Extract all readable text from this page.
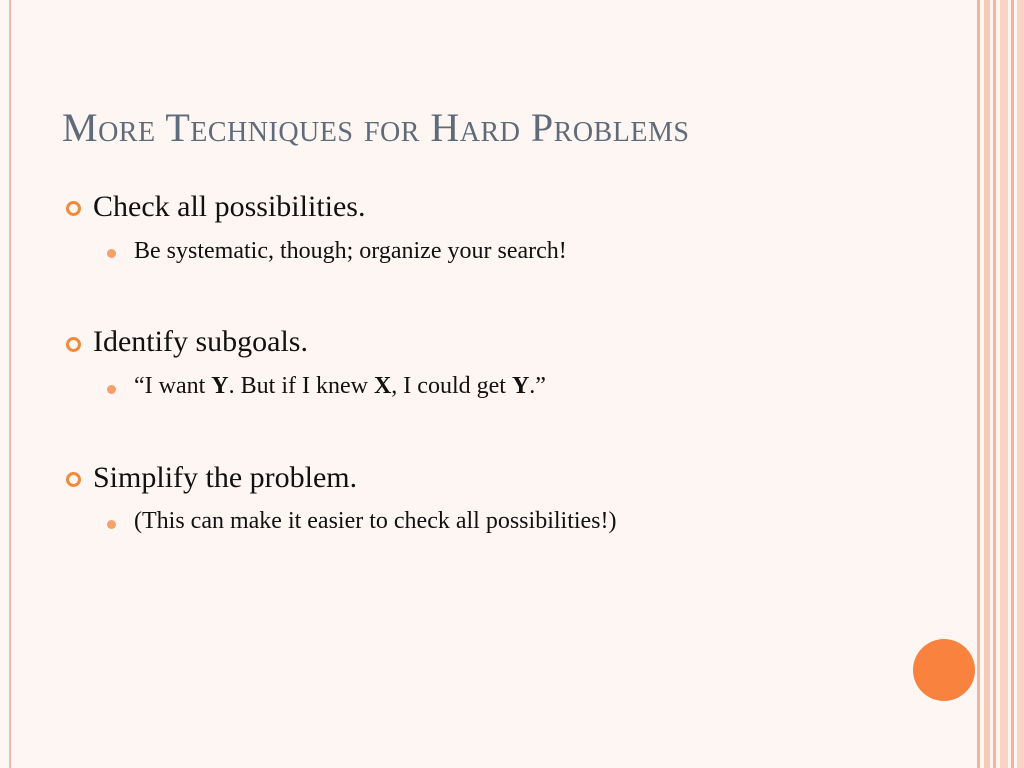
More Techniques for Hard Problems
Check all possibilities.
Be systematic, though; organize your search!
Identify subgoals.
“I want Y. But if I knew X, I could get Y.”
Simplify the problem.
(This can make it easier to check all possibilities!)
